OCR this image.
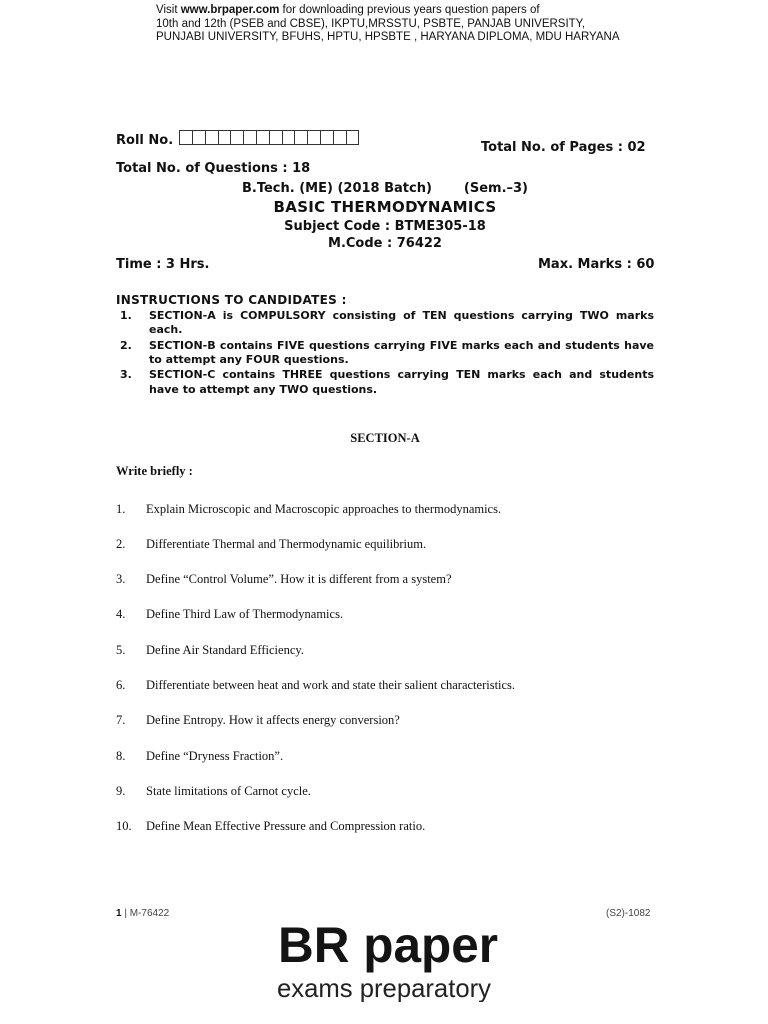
Visit www.brpaper.com for downloading previous years question papers of
10th and 12th (PSEB and CBSE), IKPTU,MRSSTU, PSBTE, PANJAB UNIVERSITY,
PUNJABI UNIVERSITY, BFUHS, HPTU, HPSBTE , HARYANA DIPLOMA, MDU HARYANA
Roll No.	Total No. of Pages : 02
Total No. of Questions : 18
B.Tech. (ME) (2018 Batch) (Sem.–3)
BASIC THERMODYNAMICS
Subject Code : BTME305-18
M.Code : 76422
Time : 3 Hrs.	Max. Marks : 60
INSTRUCTIONS TO CANDIDATES :
1.	SECTION-A is COMPULSORY consisting of TEN questions carrying TWO marks each.
2.	SECTION-B contains FIVE questions carrying FIVE marks each and students have to attempt any FOUR questions.
3.	SECTION-C contains THREE questions carrying TEN marks each and students have to attempt any TWO questions.
SECTION-A
Write briefly :
1. Explain Microscopic and Macroscopic approaches to thermodynamics.
2. Differentiate Thermal and Thermodynamic equilibrium.
3. Define “Control Volume”. How it is different from a system?
4. Define Third Law of Thermodynamics.
5. Define Air Standard Efficiency.
6. Differentiate between heat and work and state their salient characteristics.
7. Define Entropy. How it affects energy conversion?
8. Define “Dryness Fraction”.
9. State limitations of Carnot cycle.
10. Define Mean Effective Pressure and Compression ratio.
1 | M-76422	(S2)-1082
BR paper
exams preparatory
